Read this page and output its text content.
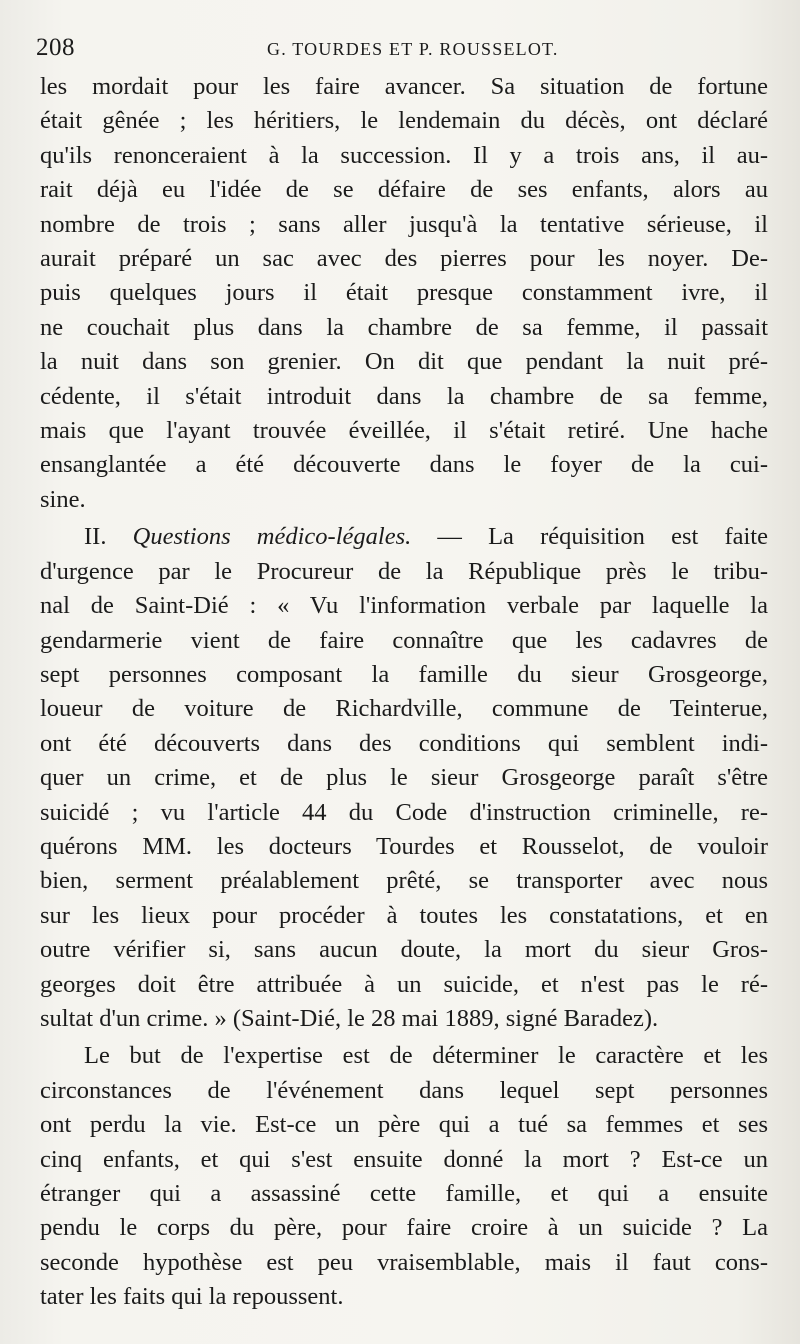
208	G. TOURDES ET P. ROUSSELOT.
les mordait pour les faire avancer. Sa situation de fortune
était gênée ; les héritiers, le lendemain du décès, ont déclaré
qu'ils renonceraient à la succession. Il y a trois ans, il au-
rait déjà eu l'idée de se défaire de ses enfants, alors au
nombre de trois ; sans aller jusqu'à la tentative sérieuse, il
aurait préparé un sac avec des pierres pour les noyer. De-
puis quelques jours il était presque constamment ivre, il
ne couchait plus dans la chambre de sa femme, il passait
la nuit dans son grenier. On dit que pendant la nuit pré-
cédente, il s'était introduit dans la chambre de sa femme,
mais que l'ayant trouvée éveillée, il s'était retiré. Une hache
ensanglantée a été découverte dans le foyer de la cui-
sine.
II. Questions médico-légales. — La réquisition est faite
d'urgence par le Procureur de la République près le tribu-
nal de Saint-Dié : « Vu l'information verbale par laquelle la
gendarmerie vient de faire connaître que les cadavres de
sept personnes composant la famille du sieur Grosgeorge,
loueur de voiture de Richardville, commune de Teinterue,
ont été découverts dans des conditions qui semblent indi-
quer un crime, et de plus le sieur Grosgeorge paraît s'être
suicidé ; vu l'article 44 du Code d'instruction criminelle, re-
quérons MM. les docteurs Tourdes et Rousselot, de vouloir
bien, serment préalablement prêté, se transporter avec nous
sur les lieux pour procéder à toutes les constatations, et en
outre vérifier si, sans aucun doute, la mort du sieur Gros-
georges doit être attribuée à un suicide, et n'est pas le ré-
sultat d'un crime. » (Saint-Dié, le 28 mai 1889, signé Baradez).
Le but de l'expertise est de déterminer le caractère et les
circonstances de l'événement dans lequel sept personnes
ont perdu la vie. Est-ce un père qui a tué sa femmes et ses
cinq enfants, et qui s'est ensuite donné la mort ? Est-ce un
étranger qui a assassiné cette famille, et qui a ensuite
pendu le corps du père, pour faire croire à un suicide ? La
seconde hypothèse est peu vraisemblable, mais il faut cons-
tater les faits qui la repoussent.
